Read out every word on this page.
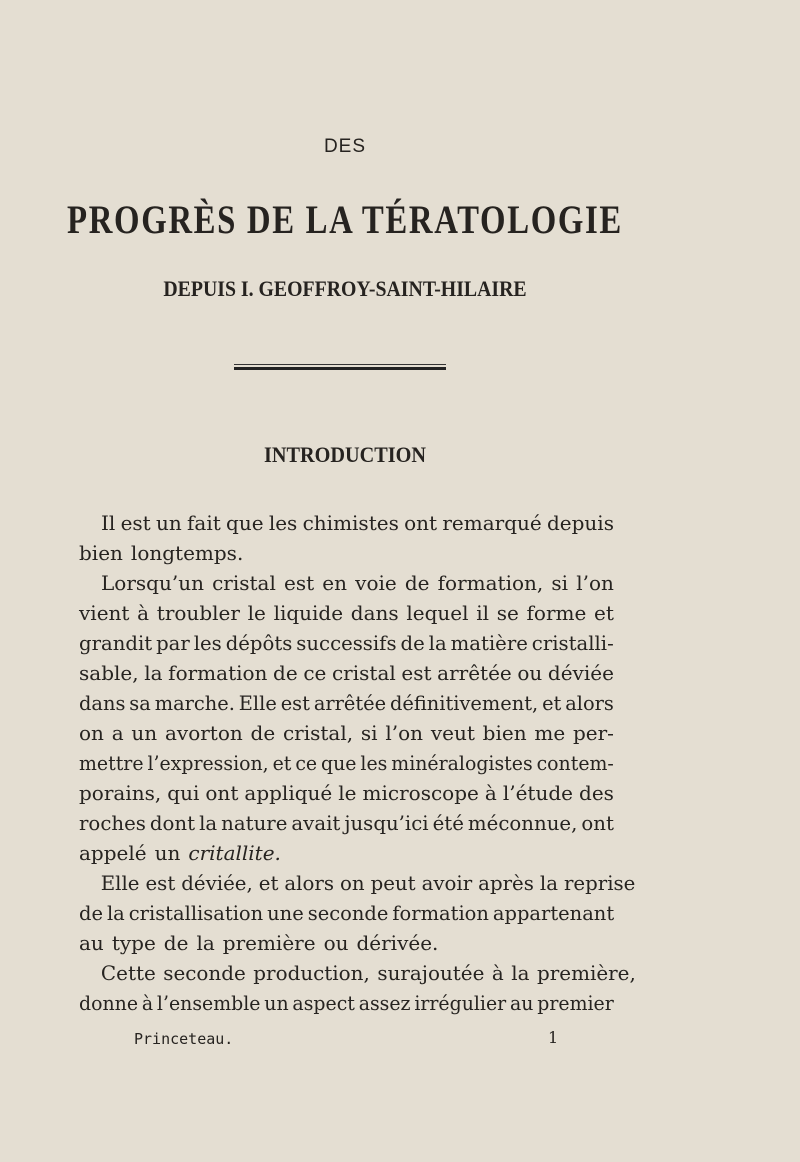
DES
PROGRÈS DE LA TÉRATOLOGIE
DEPUIS I. GEOFFROY-SAINT-HILAIRE
INTRODUCTION
Il est un fait que les chimistes ont remarqué depuis
bien longtemps.
Lorsqu’un cristal est en voie de formation, si l’on
vient à troubler le liquide dans lequel il se forme et
grandit par les dépôts successifs de la matière cristalli-
sable, la formation de ce cristal est arrêtée ou déviée
dans sa marche. Elle est arrêtée définitivement, et alors
on a un avorton de cristal, si l’on veut bien me per-
mettre l’expression, et ce que les minéralogistes contem-
porains, qui ont appliqué le microscope à l’étude des
roches dont la nature avait jusqu’ici été méconnue, ont
appelé un critallite.
Elle est déviée, et alors on peut avoir après la reprise
de la cristallisation une seconde formation appartenant
au type de la première ou dérivée.
Cette seconde production, surajoutée à la première,
donne à l’ensemble un aspect assez irrégulier au premier
Princeteau.	1
